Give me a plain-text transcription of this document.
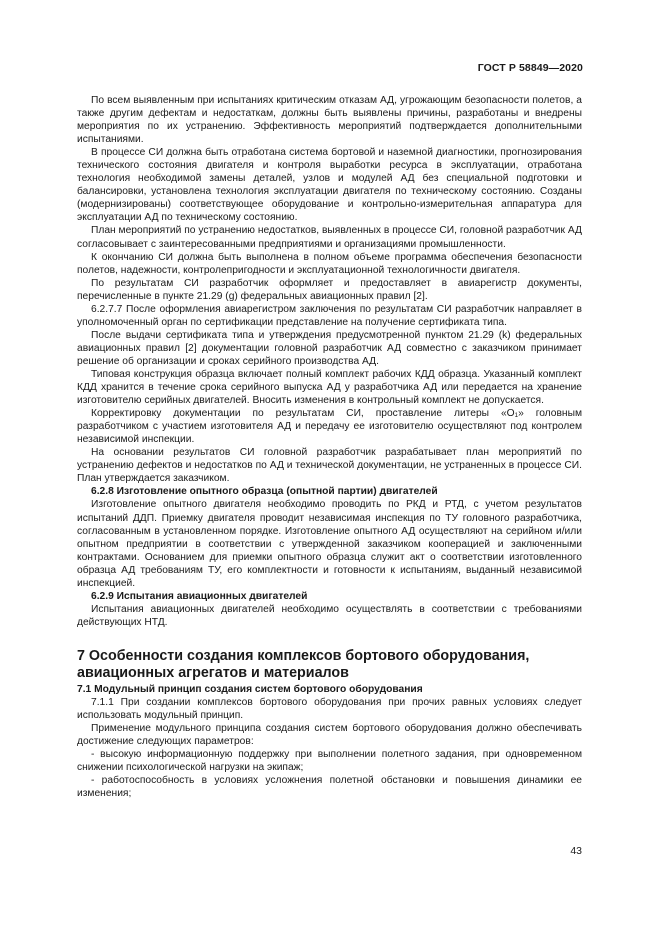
ГОСТ Р 58849—2020

По всем выявленным при испытаниях критическим отказам АД, угрожающим безопасности полетов, а также другим дефектам и недостаткам, должны быть выявлены причины, разработаны и внедрены мероприятия по их устранению. Эффективность мероприятий подтверждается дополнительными испытаниями.

В процессе СИ должна быть отработана система бортовой и наземной диагностики, прогнозирования технического состояния двигателя и контроля выработки ресурса в эксплуатации, отработана технология необходимой замены деталей, узлов и модулей АД без специальной подготовки и балансировки, установлена технология эксплуатации двигателя по техническому состоянию. Созданы (модернизированы) соответствующее оборудование и контрольно-измерительная аппаратура для эксплуатации АД по техническому состоянию.

План мероприятий по устранению недостатков, выявленных в процессе СИ, головной разработчик АД согласовывает с заинтересованными предприятиями и организациями промышленности.

К окончанию СИ должна быть выполнена в полном объеме программа обеспечения безопасности полетов, надежности, контролепригодности и эксплуатационной технологичности двигателя.

По результатам СИ разработчик оформляет и предоставляет в авиарегистр документы, перечисленные в пункте 21.29 (g) федеральных авиационных правил [2].

6.2.7.7 После оформления авиарегистром заключения по результатам СИ разработчик направляет в уполномоченный орган по сертификации представление на получение сертификата типа.

После выдачи сертификата типа и утверждения предусмотренной пунктом 21.29 (k) федеральных авиационных правил [2] документации головной разработчик АД совместно с заказчиком принимает решение об организации и сроках серийного производства АД.

Типовая конструкция образца включает полный комплект рабочих КДД образца. Указанный комплект КДД хранится в течение срока серийного выпуска АД у разработчика АД или передается на хранение изготовителю серийных двигателей. Вносить изменения в контрольный комплект не допускается.

Корректировку документации по результатам СИ, проставление литеры «О₁» головным разработчиком с участием изготовителя АД и передачу ее изготовителю осуществляют под контролем независимой инспекции.

На основании результатов СИ головной разработчик разрабатывает план мероприятий по устранению дефектов и недостатков по АД и технической документации, не устраненных в процессе СИ. План утверждается заказчиком.

6.2.8 Изготовление опытного образца (опытной партии) двигателей

Изготовление опытного двигателя необходимо проводить по РКД и РТД, с учетом результатов испытаний ДДП. Приемку двигателя проводит независимая инспекция по ТУ головного разработчика, согласованным в установленном порядке. Изготовление опытного АД осуществляют на серийном и/или опытном предприятии в соответствии с утвержденной заказчиком кооперацией и заключенными контрактами. Основанием для приемки опытного образца служит акт о соответствии изготовленного образца АД требованиям ТУ, его комплектности и готовности к испытаниям, выданный независимой инспекцией.

6.2.9 Испытания авиационных двигателей

Испытания авиационных двигателей необходимо осуществлять в соответствии с требованиями действующих НТД.

7 Особенности создания комплексов бортового оборудования, авиационных агрегатов и материалов

7.1 Модульный принцип создания систем бортового оборудования

7.1.1 При создании комплексов бортового оборудования при прочих равных условиях следует использовать модульный принцип.

Применение модульного принципа создания систем бортового оборудования должно обеспечивать достижение следующих параметров:

- высокую информационную поддержку при выполнении полетного задания, при одновременном снижении психологической нагрузки на экипаж;

- работоспособность в условиях усложнения полетной обстановки и повышения динамики ее изменения;

43
